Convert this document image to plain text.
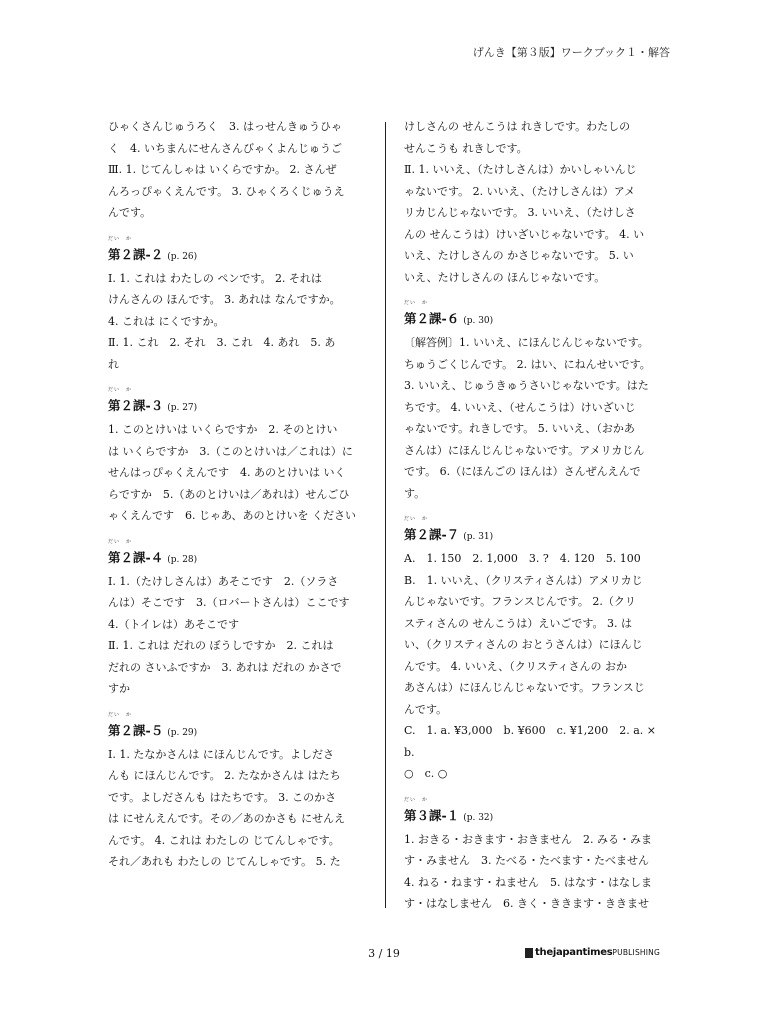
げんき【第３版】ワークブック１・解答

ひゃくさんじゅうろく　3. はっせんきゅうひゃ

く　4. いちまんにせんさんびゃくよんじゅうご

Ⅲ. 1. じてんしゃは いくらですか。 2. さんぜ

んろっぴゃくえんです。 3. ひゃくろくじゅうえ

んです。

だい　か
第２課‐２ (p. 26)

Ⅰ. 1. これは わたしの ペンです。 2. それは

けんさんの ほんです。 3. あれは なんですか。

4. これは にくですか。

Ⅱ. 1. これ　2. それ　3. これ　4. あれ　5. あ

れ

だい　か
第２課‐３ (p. 27)

1. このとけいは いくらですか　2. そのとけい

は いくらですか　3.（このとけいは／これは）に

せんはっぴゃくえんです　4. あのとけいは いく

らですか　5.（あのとけいは／あれは）せんごひ

ゃくえんです　6. じゃあ、あのとけいを ください

だい　か
第２課‐４ (p. 28)

Ⅰ. 1.（たけしさんは）あそこです　2.（ソラさ

んは）そこです　3.（ロバートさんは）ここです

4.（トイレは）あそこです

Ⅱ. 1. これは だれの ぼうしですか　2. これは

だれの さいふですか　3. あれは だれの かさで

すか

だい　か
第２課‐５ (p. 29)

Ⅰ. 1. たなかさんは にほんじんです。よしださ

んも にほんじんです。 2. たなかさんは はたち

です。よしださんも はたちです。 3. このかさ

は にせんえんです。その／あのかさも にせんえ

んです。 4. これは わたしの じてんしゃです。

それ／あれも わたしの じてんしゃです。 5. た

けしさんの せんこうは れきしです。わたしの

せんこうも れきしです。

Ⅱ. 1. いいえ、（たけしさんは）かいしゃいんじ

ゃないです。 2. いいえ、（たけしさんは）アメ

リカじんじゃないです。 3. いいえ、（たけしさ

んの せんこうは）けいざいじゃないです。 4. い

いえ、たけしさんの かさじゃないです。 5. い

いえ、たけしさんの ほんじゃないです。

だい　か
第２課‐６ (p. 30)

〔解答例〕1. いいえ、にほんじんじゃないです。

ちゅうごくじんです。 2. はい、にねんせいです。

3. いいえ、じゅうきゅうさいじゃないです。はた

ちです。 4. いいえ、（せんこうは）けいざいじ

ゃないです。れきしです。 5. いいえ、（おかあ

さんは）にほんじんじゃないです。アメリカじん

です。 6.（にほんごの ほんは）さんぜんえんで

す。

だい　か
第２課‐７ (p. 31)

A.　1. 150　2. 1,000　3. ?　4. 120　5. 100

B.　1. いいえ、（クリスティさんは）アメリカじ

んじゃないです。フランスじんです。 2.（クリ

スティさんの せんこうは）えいごです。 3. は

い、（クリスティさんの おとうさんは）にほんじ

んです。 4. いいえ、（クリスティさんの おか

あさんは）にほんじんじゃないです。フランスじ

んです。

C.　1. a. ¥3,000　b. ¥600　c. ¥1,200　2. a. ×　b.

○　c. ○

だい　か
第３課‐１ (p. 32)

1. おきる・おきます・おきません　2. みる・みま

す・みません　3. たべる・たべます・たべません

4. ねる・ねます・ねません　5. はなす・はなしま

す・はなしません　6. きく・ききます・ききませ

3 / 19	thejapantimes PUBLISHING
